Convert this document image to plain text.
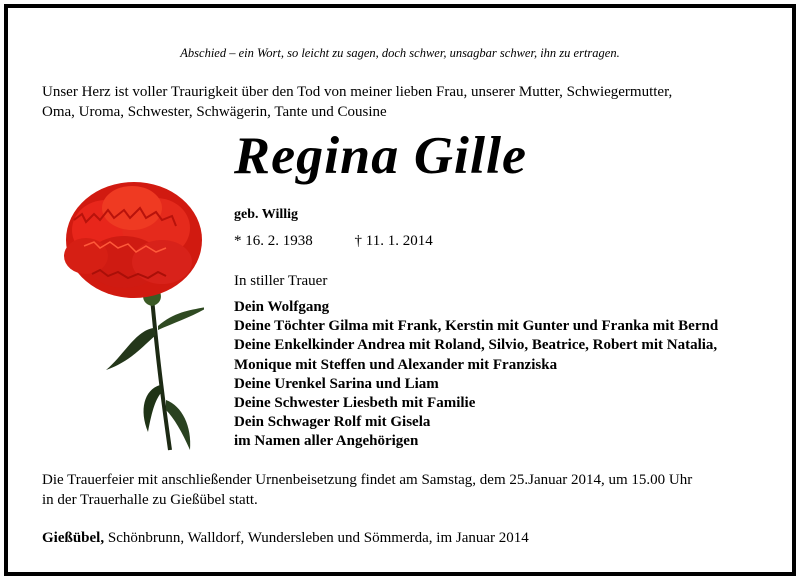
Abschied – ein Wort, so leicht zu sagen, doch schwer, unsagbar schwer, ihn zu ertragen.
Unser Herz ist voller Traurigkeit über den Tod von meiner lieben Frau, unserer Mutter, Schwiegermutter,
Oma, Uroma, Schwester, Schwägerin, Tante und Cousine
Regina Gille
geb. Willig
* 16. 2. 1938	† 11. 1. 2014
In stiller Trauer
Dein Wolfgang
Deine Töchter Gilma mit Frank, Kerstin mit Gunter und Franka mit Bernd
Deine Enkelkinder Andrea mit Roland, Silvio, Beatrice, Robert mit Natalia,
Monique mit Steffen und Alexander mit Franziska
Deine Urenkel Sarina und Liam
Deine Schwester Liesbeth mit Familie
Dein Schwager Rolf mit Gisela
im Namen aller Angehörigen
Die Trauerfeier mit anschließender Urnenbeisetzung findet am Samstag, dem 25.Januar 2014, um 15.00 Uhr
in der Trauerhalle zu Gießübel statt.
Gießübel, Schönbrunn, Walldorf, Wundersleben und Sömmerda, im Januar 2014
